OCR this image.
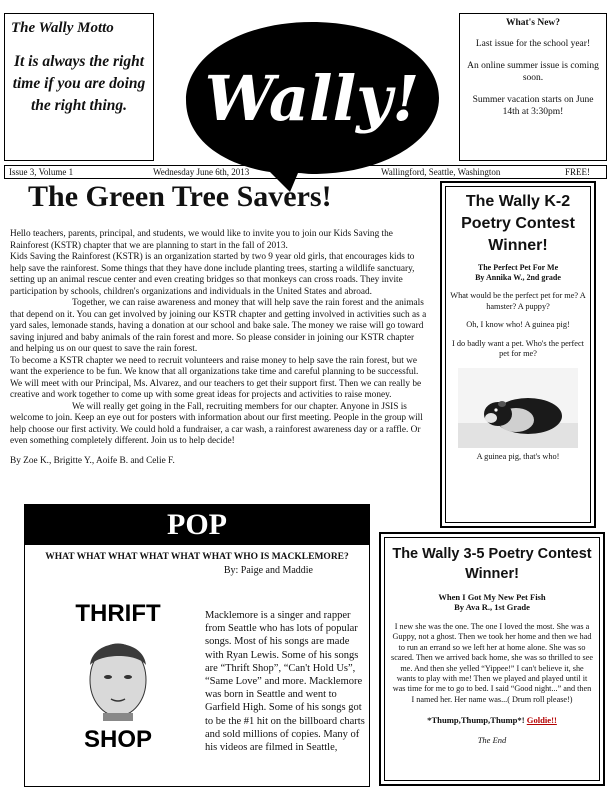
The Wally Motto
It is always the right time if you are doing the right thing.	Wally!
What's New?

Last issue for the school year!

An online summer issue is coming soon.

Summer vacation starts on June 14th at 3:30pm!

Issue 3, Volume 1	Wednesday June 6th, 2013	Wallingford, Seattle, Washington	FREE!
The Green Tree Savers!

Hello teachers, parents, principal, and students, we would like to invite you to join our Kids Saving the Rainforest (KSTR) chapter that we are planning to start in the fall of 2013.

Kids Saving the Rainforest (KSTR) is an organization started by two 9 year old girls, that encourages kids to help save the rainforest. Some things that they have done include planting trees, starting a wildlife sanctuary, setting up an animal rescue center and even creating bridges so that monkeys can cross roads. They invite participation by schools, children's organizations and individuals in the United States and abroad.

Together, we can raise awareness and money that will help save the rain forest and the animals that depend on it. You can get involved by joining our KSTR chapter and getting involved in activities such as a yard sales, lemonade stands, having a donation at our school and bake sale. The money we raise will go toward saving injured and baby animals of the rain forest and more. So please consider in joining our KSTR chapter and helping us on our quest to save the rain forest.

To become a KSTR chapter we need to recruit volunteers and raise money to help save the rain forest, but we want the experience to be fun. We know that all organizations take time and careful planning to be successful. We will meet with our Principal, Ms. Alvarez, and our teachers to get their support first. Then we can really be creative and work together to come up with some great ideas for projects and activities to raise money.

We will really get going in the Fall, recruiting members for our chapter. Anyone in JSIS is welcome to join. Keep an eye out for posters with information about our first meeting. People in the group will help choose our first activity. We could hold a fundraiser, a car wash, a rainforest awareness day or a raffle. Or even something completely different. Join us to help decide!

By Zoe K., Brigitte Y., Aoife B. and Celie F.

The Wally K-2 Poetry Contest Winner!
The Perfect Pet For Me
By Annika W., 2nd grade

What would be the perfect pet for me? A hamster? A puppy?

Oh, I know who! A guinea pig!

I do badly want a pet. Who's the perfect pet for me?

A guinea pig, that's who!
POP
WHAT WHAT WHAT WHAT WHAT WHAT WHO IS MACKLEMORE?
By: Paige and Maddie
THRIFT
SHOP
Macklemore is a singer and rapper from Seattle who has lots of popular songs. Most of his songs are made with Ryan Lewis. Some of his songs are “Thrift Shop”, “Can't Hold Us”, “Same Love” and more. Macklemore was born in Seattle and went to Garfield High. Some of his songs got to be the #1 hit on the billboard charts and sold millions of copies. Many of his videos are filmed in Seattle,
The Wally 3-5 Poetry Contest Winner!
When I Got My New Pet Fish
By Ava R., 1st Grade
I new she was the one. The one I loved the most. She was a Guppy, not a ghost. Then we took her home and then we had to run an errand so we left her at home alone. She was so scared. Then we arrived back home, she was so thrilled to see me. And then she yelled “Yippee!” I can't believe it, she wants to play with me! Then we played and played until it was time for me to go to bed. I said “Good night...” and then I named her. Her name was...( Drum roll please!)
*Thump,Thump,Thump*! Goldie!!
The End
